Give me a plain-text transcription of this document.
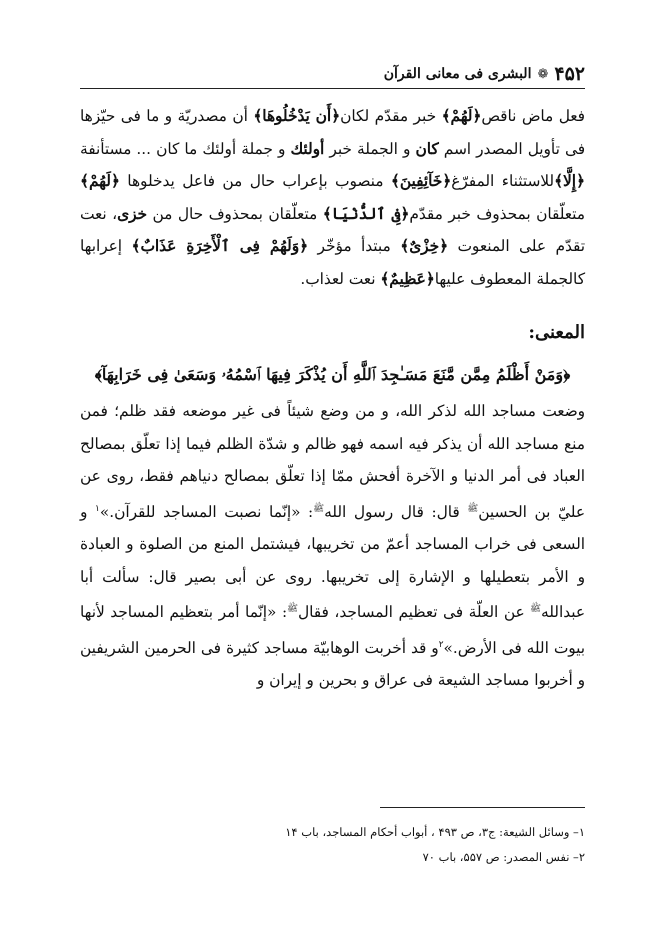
۴۵۲
❁
البشرى فى معانى القرآن

فعل ماض ناقص﴿لَهُمْ﴾ خبر مقدّم لكان﴿أَن يَدْخُلُوهَا﴾ أن مصدريّة و ما فى حيّزها فى تأويل المصدر اسم كان و الجملة خبر أولئك و جملة أولئك ما كان ... مستأنفة ﴿إِلَّا﴾للاستثناء المفرّغ﴿خَآئِفِينَ﴾ منصوب بإعراب حال من فاعل يدخلوها ﴿لَهُمْ﴾ متعلّقان بمحذوف خبر مقدّم﴿فِى ٱلدُّنْيَا﴾ متعلّقان بمحذوف حال من خزى، نعت تقدّم على المنعوت ﴿خِزْىٌ﴾ مبتدأ مؤخّر ﴿وَلَهُمْ فِى ٱلْأَخِرَةِ عَذَابٌ﴾ إعرابها كالجملة المعطوف عليها﴿عَظِيمٌ﴾ نعت لعذاب.

المعنى:
﴿وَمَنْ أَظْلَمُ مِمَّن مَّنَعَ مَسَـٰجِدَ ٱللَّهِ أَن يُذْكَرَ فِيهَا ٱسْمُهُۥ وَسَعَىٰ فِى خَرَابِهَآ﴾

وضعت مساجد الله لذكر الله، و من وضع شيئاً فى غير موضعه فقد ظلم؛ فمن منع مساجد الله أن يذكر فيه اسمه فهو ظالم و شدّة الظلم فيما إذا تعلّق بمصالح العباد فى أمر الدنيا و الآخرة أفحش ممّا إذا تعلّق بمصالح دنياهم فقط، روى عن عليّ بن الحسين$^ﷺ$ قال: قال رسول الله$^ﷺ$: «إنّما نصبت المساجد للقرآن.»$^۱$ و السعى فى خراب المساجد أعمّ من تخريبها، فيشتمل المنع من الصلوة و العبادة و الأمر بتعطيلها و الإشارة إلى تخريبها. روى عن أبى بصير قال: سألت أبا عبدالله$^ﷺ$ عن العلّة فى تعظيم المساجد، فقال$^ﷺ$: «إنّما أمر بتعظيم المساجد لأنها بيوت الله فى الأرض.»$^۲$و قد أخربت الوهابيّة مساجد كثيرة فى الحرمين الشريفين و أخربوا مساجد الشيعة فى عراق و بحرين و إيران و

۱– وسائل الشيعة: ج۳، ص ۴۹۳ ، أبواب أحكام المساجد، باب ۱۴
۲– نفس المصدر: ص ۵۵۷، باب ۷۰
